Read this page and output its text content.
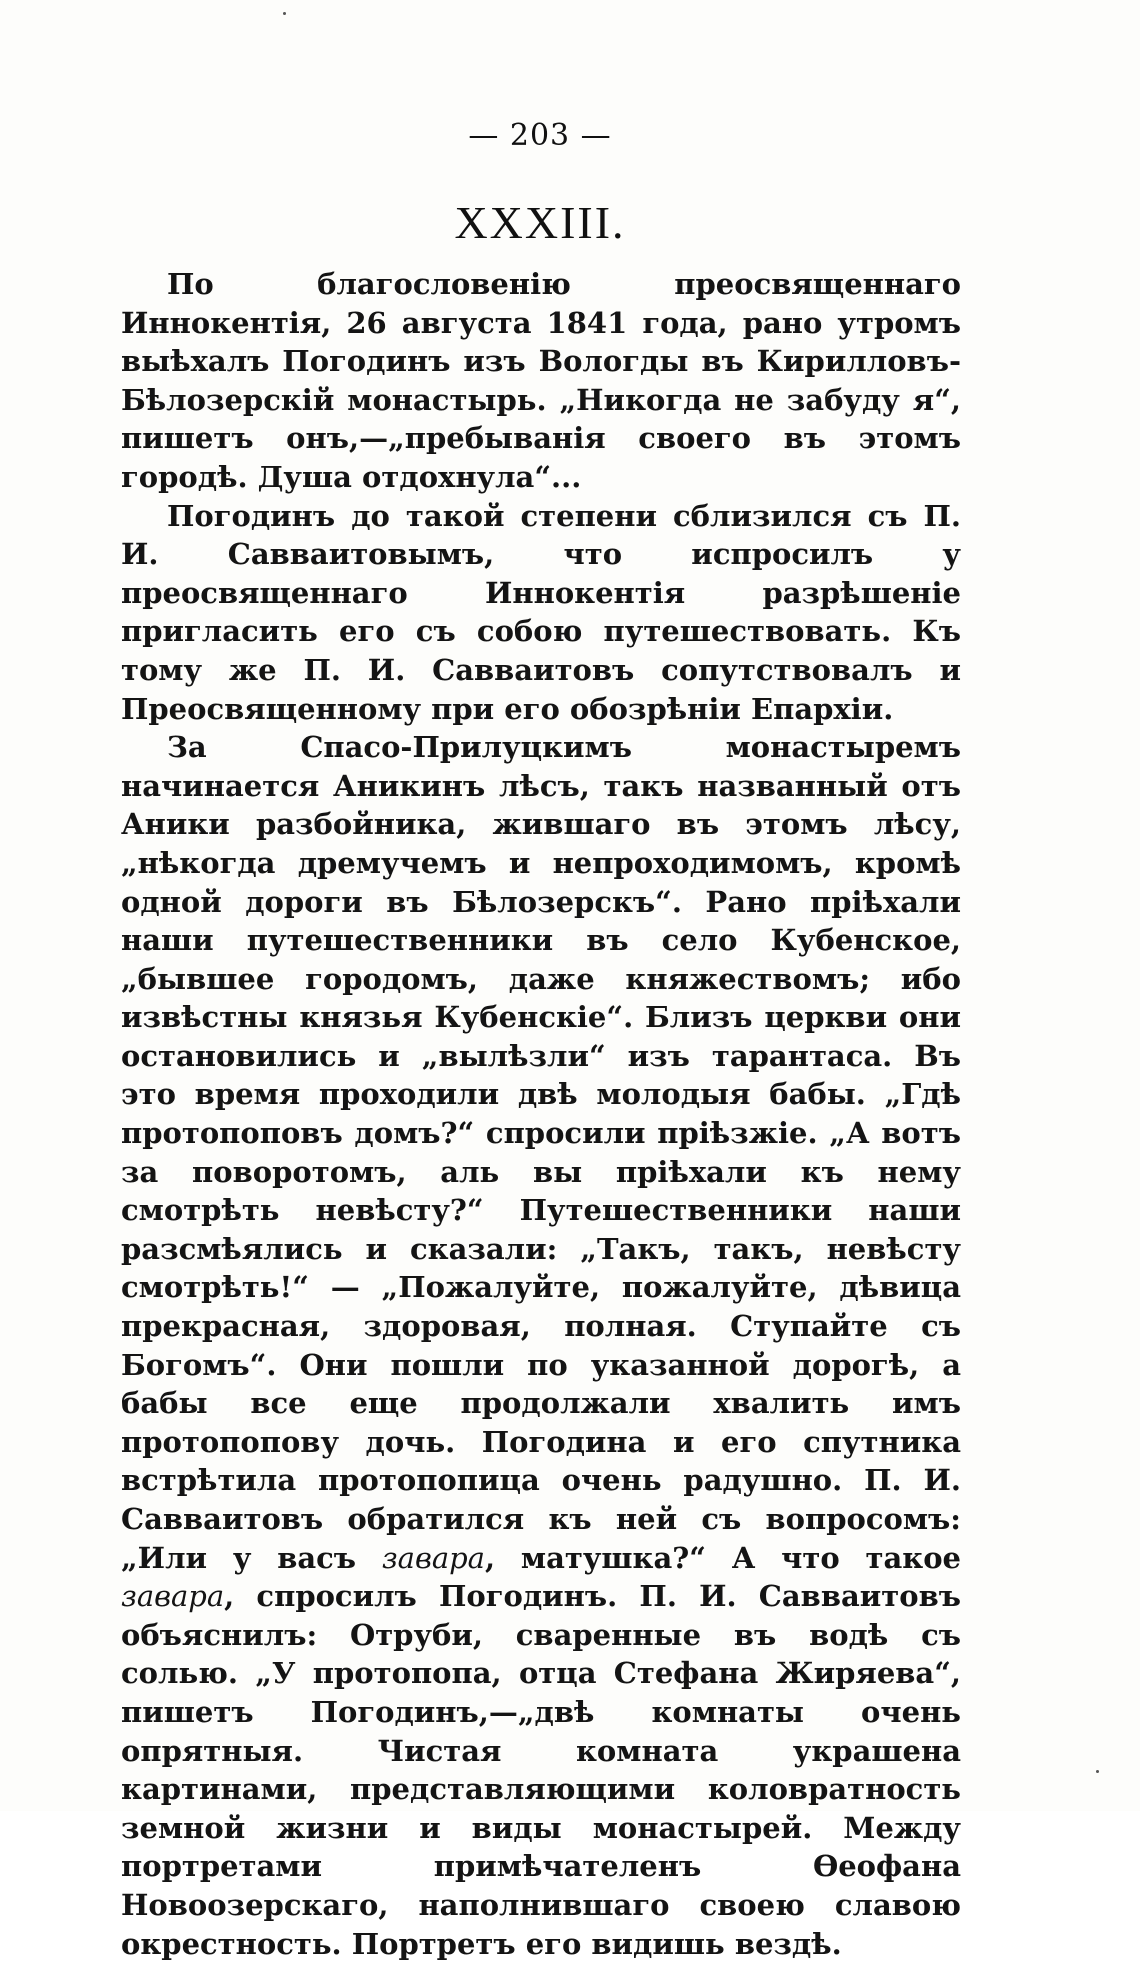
— 203 —
XXXIII.

По благословенію преосвященнаго Иннокентія, 26 августа 1841 года, рано утромъ выѣхалъ Погодинъ изъ Вологды въ Кирилловъ-Бѣлозерскій монастырь. „Никогда не забуду я“, пишетъ онъ,—„пребыванія своего въ этомъ городѣ. Душа отдохнула“...

Погодинъ до такой степени сблизился съ П. И. Савваитовымъ, что испросилъ у преосвященнаго Иннокентія разрѣшеніе пригласить его съ собою путешествовать. Къ тому же П. И. Савваитовъ сопутствовалъ и Преосвященному при его обозрѣніи Епархіи.

За Спасо-Прилуцкимъ монастыремъ начинается Аникинъ лѣсъ, такъ названный отъ Аники разбойника, жившаго въ этомъ лѣсу, „нѣкогда дремучемъ и непроходимомъ, кромѣ одной дороги въ Бѣлозерскъ“. Рано пріѣхали наши путешественники въ село Кубенское, „бывшее городомъ, даже княжествомъ; ибо извѣстны князья Кубенскіе“. Близъ церкви они остановились и „вылѣзли“ изъ тарантаса. Въ это время проходили двѣ молодыя бабы. „Гдѣ протопоповъ домъ?“ спросили пріѣзжіе. „А вотъ за поворотомъ, аль вы пріѣхали къ нему смотрѣть невѣсту?“ Путешественники наши разсмѣялись и сказали: „Такъ, такъ, невѣсту смотрѣть!“ — „Пожалуйте, пожалуйте, дѣвица прекрасная, здоровая, полная. Ступайте съ Богомъ“. Они пошли по указанной дорогѣ, а бабы все еще продолжали хвалить имъ протопопову дочь. Погодина и его спутника встрѣтила протопопица очень радушно. П. И. Савваитовъ обратился къ ней съ вопросомъ: „Или у васъ завара, матушка?“ А что такое завара, спросилъ Погодинъ. П. И. Савваитовъ объяснилъ: Отруби, сваренные въ водѣ съ солью. „У протопопа, отца Стефана Жиряева“, пишетъ Погодинъ,—„двѣ комнаты очень опрятныя. Чистая комната украшена картинами, представляющими коловратность земной жизни и виды монастырей. Между портретами примѣчателенъ Ѳеофана Новоозерскаго, наполнившаго своею славою окрестность. Портретъ его видишь вездѣ.
